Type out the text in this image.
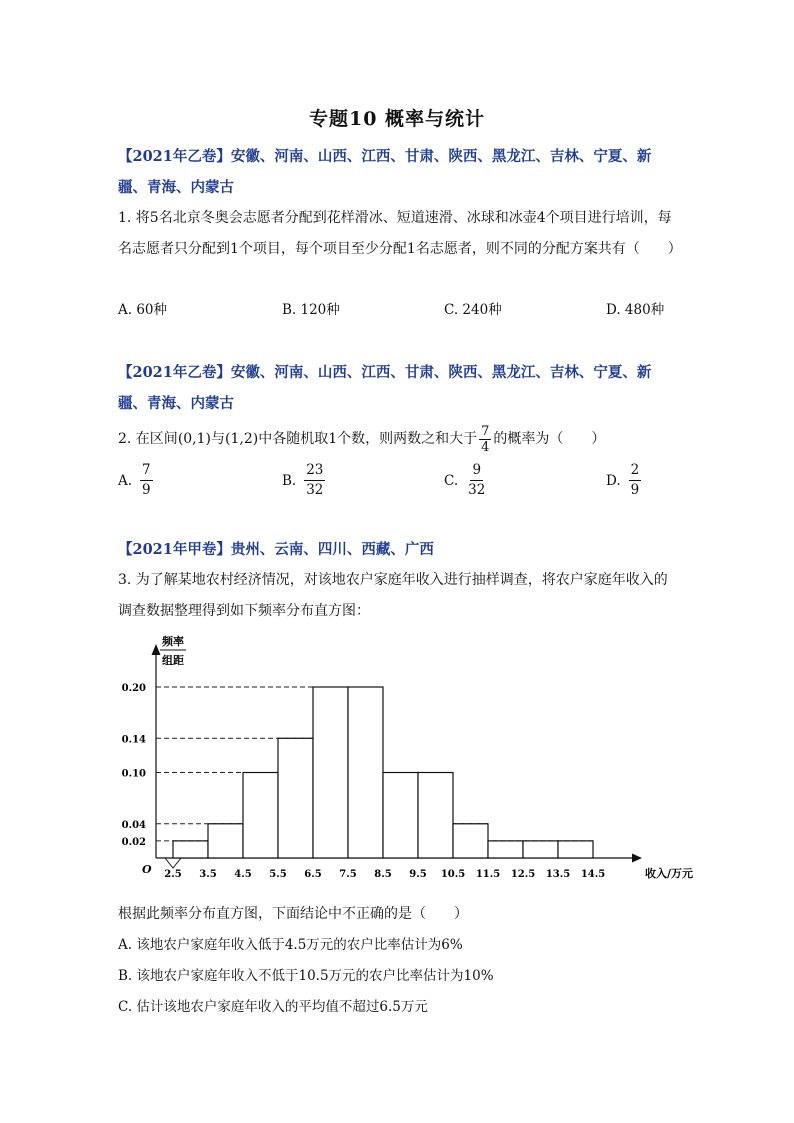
专题10 概率与统计
【2021年乙卷】安徽、河南、山西、江西、甘肃、陕西、黑龙江、吉林、宁夏、新疆、青海、内蒙古
1. 将5名北京冬奥会志愿者分配到花样滑冰、短道速滑、冰球和冰壶4个项目进行培训，每名志愿者只分配到1个项目，每个项目至少分配1名志愿者，则不同的分配方案共有（　　）
A. 60种	B. 120种	C. 240种	D. 480种
【2021年乙卷】安徽、河南、山西、江西、甘肃、陕西、黑龙江、吉林、宁夏、新疆、青海、内蒙古
2. 在区间(0,1)与(1,2)中各随机取1个数，则两数之和大于 $\frac{7}{4}$ 的概率为（　　）
A. $\frac{7}{9}$	B. $\frac{23}{32}$	C. $\frac{9}{32}$	D. $\frac{2}{9}$
【2021年甲卷】贵州、云南、四川、西藏、广西
3. 为了解某地农村经济情况，对该地农户家庭年收入进行抽样调查，将农户家庭年收入的调查数据整理得到如下频率分布直方图：
频率
组距
0.02
0.04
0.10
0.14
0.20
2.5 3.5 4.5 5.5 6.5 7.5 8.5 9.5 10.5 11.5 12.5 13.5 14.5	收入/万元
O
根据此频率分布直方图，下面结论中不正确的是（　　）
A. 该地农户家庭年收入低于4.5万元的农户比率估计为6%
B. 该地农户家庭年收入不低于10.5万元的农户比率估计为10%
C. 估计该地农户家庭年收入的平均值不超过6.5万元
